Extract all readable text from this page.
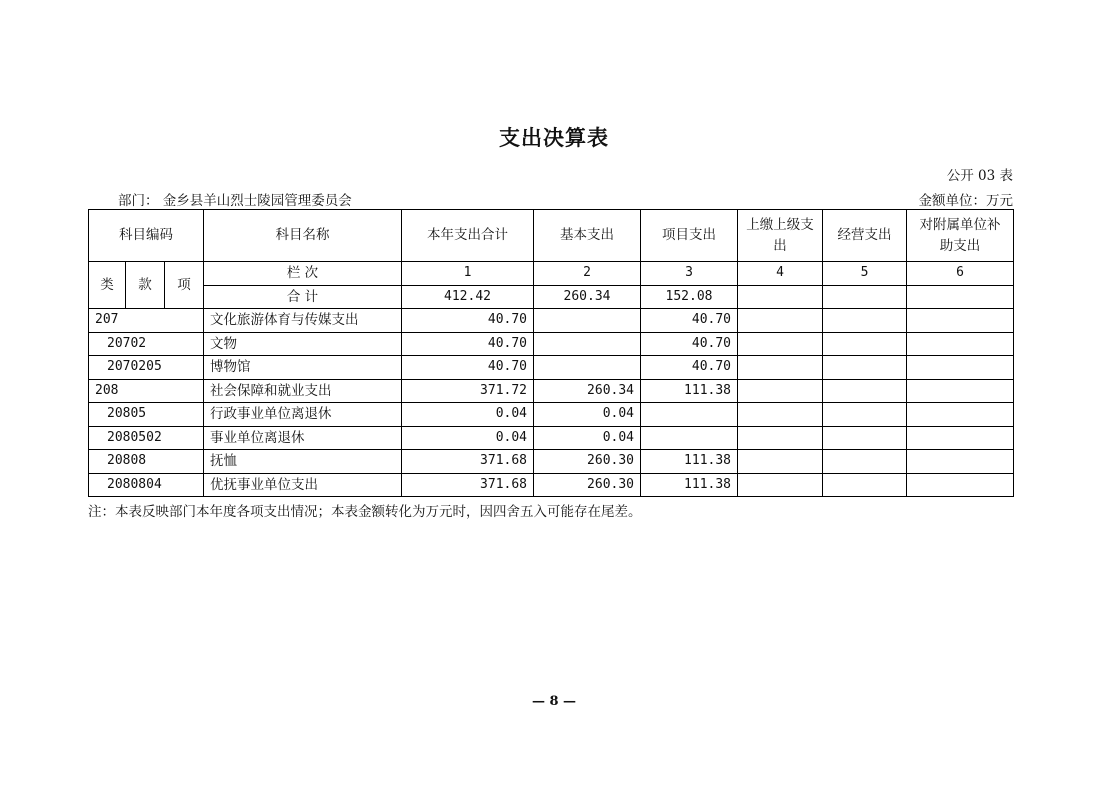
支出决算表
公开 03 表
部门： 金乡县羊山烈士陵园管理委员会	金额单位：万元
科目编码			科目名称	本年支出合计	基本支出	项目支出	上缴上级支出	经营支出	对附属单位补助支出
类	款	项	栏 次	1	2	3	4	5	6
			合 计	412.42	260.34	152.08			
207			文化旅游体育与传媒支出	40.70		40.70			
20702			文物	40.70		40.70			
2070205			博物馆	40.70		40.70			
208			社会保障和就业支出	371.72	260.34	111.38			
20805			行政事业单位离退休	0.04	0.04				
2080502			事业单位离退休	0.04	0.04				
20808			抚恤	371.68	260.30	111.38			
2080804			优抚事业单位支出	371.68	260.30	111.38			
注：本表反映部门本年度各项支出情况；本表金额转化为万元时，因四舍五入可能存在尾差。
— 8 —
